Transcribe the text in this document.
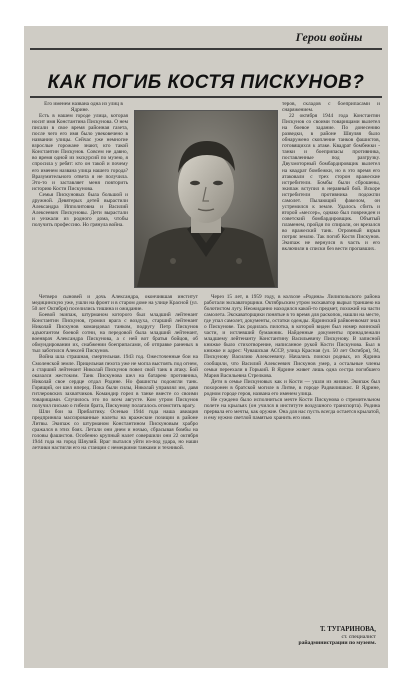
Герои войны
КАК ПОГИБ КОСТЯ ПИСКУНОВ?

Его именем названа одна из улиц в Ядрине.

Есть в нашем городе улица, которая носит имя Константина Пискунова. О нем писали в свое время районная газета, после чего его имя было увековечено в названии улицы. Сейчас уже немногие взрослые горожане знают, кто такой Константин Пискунов. Совсем не давно, во время одной из экскурсий по музею, я спросила у ребят: кто он такой и почему его именем названа улица нашего города? Вразумительного ответа я не получила. Это-то и заставляет меня повторить историю Кости Пискунова.

Семья Пискуновых была большой и дружной. Девятерых детей вырастили Александра Ипполитовна и Василий Алексеевич Пискуновы. Дети вырастали и уезжали из родного дома, чтобы получить профессию. Но грянула война.

теров, складов с боеприпасами и снаряжением.

22 октября 1944 года Константин Пискунов со своими товарищами вылетел на боевое задание. По донесению разведки, в районе Шяуляя было обнаружено скопление танков фашистов, готовящихся к атаке. Квадрат бомбежки - танки и боеприпасы противника, поставленные под разгрузку. Двухмоторный бомбардировщик вылетел на квадрат бомбежки, но в это время его атаковали с трех сторон вражеские истребители. Бомбы были сброшены, экипаж вступил в неравный бой. Вскоре истребители противника подожгли самолет. Пылающий факелом, он устремился к земле. Удалось сбить и второй «мессер», однако был поврежден и советский бомбардировщик. Объятый пламенем, пройдя по спирали, он врезался во вражеский танк. Огромный взрыв потряс землю. Так погиб Костя Пискунов. Экипаж не вернулся в часть и его включили в списки без вести пропавших.

Четверо сыновей и дочь Александра, окончившая институт медицинскую уже, ушли на фронт и в старом доме на улице Красной (ул. 50 лет Октября) поселились тишина и ожидание.

Боевой экипаж, штурманом которого был младший лейтенант Константин Пискунов, громил врага с воздуха, старший лейтенант Николай Пискунов командовал танком, подругу Петр Пискунов адъютантом боевой сотни, на передовой была младший лейтенант, военврач Александра Пискунова, а с ней вот братья бойцов, об обмундировании их, снабжении боеприпасами, об отправке раненых в тыл заботился Алексей Пискунов.

Война шла страшная, смертельная. 1943 год. Ожесточенные бои на Смоленской земле. Прицельная пехота уже не могла выстоять под огнем, а старший лейтенант Николай Пискунов повел свой танк в атаку. Бой оказался жестоким. Танк Пискунова шел на батарею противника, Николай свое сердце отдал Родине. Но фашисты подожгли танк. Горящий, он шел вперед. Пока были силы, Николай управлял им, давя гитлеровских захватчиков. Командир горел в танке вместе со своими товарищами. Случилось это по всем августе. Ком утром Пискунов получил письмо о гибели брата, Пискунову полагалось отомстить врагу.

Шли бои за Прибалтику. Осенью 1944 года наша авиация предприняла массированные налеты на вражеские позиции в районе Литвы. Экипаж со штурманом Константином Пискуновым храбро сражался в этих боях. Летали они днем и ночью, сбрасывая бомбы на головы фашистов. Особенно крупный налет совершили они 22 октября 1944 года на город Шяуляй. Враг пытался уйти из-под удара, но наши летчики настигли его на станции с немецкими танками и техникой.

Через 15 лет, в 1959 году, в колхозе «Родина» Лилипольского района работали экскаваторщики. Октябрьским утром экскаватор вырыл траншею на болотистом лугу. Неожиданно находился какой-то предмет, похожий на части самолета. Экскаваторщики понятые в то время для раскопок, нашли на месте, где упал самолет, документы, остатки одежды. Ядринский райвоенкомат знал о Пискунове. Так родилась пилотка, в которой виден был номер воинской части, и истлевший бумажник. Найденные документы принадлежали младшему лейтенанту Константину Васильевичу Пискунову. В записной книжке было стихотворение, написанное рукой Кости Пискунова. Был в книжке и адрес: Чувашская АССР, улица Красная (ул. 50 лет Октября), 94, Пискунову Василию Алексеевичу. Начались поиски родных, из Ядрина сообщили, что Василий Алексеевич Пискунов умер, а остальные члены семьи переехали в Горький. В Ядрине живет лишь одна сестра погибшего Мария Васильевна Стрелкова.

Дети в семье Пискуновых как и Кости — ушли из жизни. Экипаж был похоронен в братской могиле в Литве, в городе Радвилишкис. В Ядрине, родном городе героя, названа его именем улица.

Не суждено было исполниться мечте Кости Пискунова о стремительном полете на крыльях (он учился в институте воздушного транспорта). Родина прервала его мечты, как оружие. Она для нас пусть всегда остается крылатой, и ему нужно светлой памятью хранить его имя.

Т. ТУГАРИНОВА,
ст. специалист
райадминистрации по музеям.
